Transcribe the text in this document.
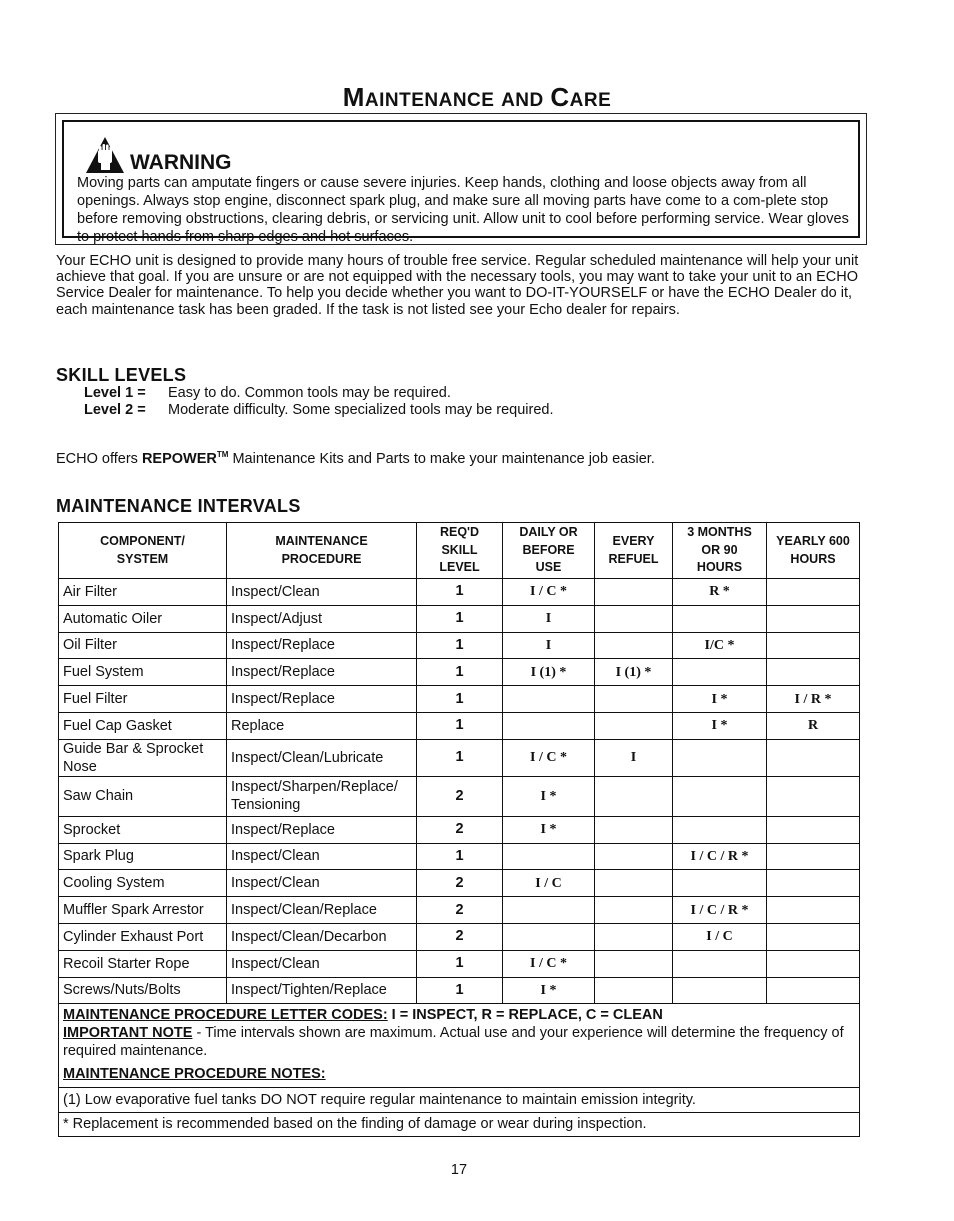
MAINTENANCE AND CARE
WARNING
Moving parts can amputate fingers or cause severe injuries. Keep hands, clothing and loose objects away from all openings. Always stop engine, disconnect spark plug, and make sure all moving parts have come to a com-plete stop before removing obstructions, clearing debris, or servicing unit. Allow unit to cool before performing service. Wear gloves to protect hands from sharp edges and hot surfaces.
Your ECHO unit is designed to provide many hours of trouble free service. Regular scheduled maintenance will help your unit achieve that goal. If you are unsure or are not equipped with the necessary tools, you may want to take your unit to an ECHO Service Dealer for maintenance. To help you decide whether you want to DO-IT-YOURSELF or have the ECHO Dealer do it, each maintenance task has been graded. If the task is not listed see your Echo dealer for repairs.
SKILL LEVELS
Level 1 = Easy to do. Common tools may be required.
Level 2 = Moderate difficulty. Some specialized tools may be required.
ECHO offers REPOWER™ Maintenance Kits and Parts to make your maintenance job easier.
MAINTENANCE INTERVALS
COMPONENT/ SYSTEM	MAINTENANCE PROCEDURE	REQ'D SKILL LEVEL	DAILY OR BEFORE USE	EVERY REFUEL	3 MONTHS OR 90 HOURS	YEARLY 600 HOURS
Air Filter	Inspect/Clean	1	I / C *		R *	
Automatic Oiler	Inspect/Adjust	1	I			
Oil Filter	Inspect/Replace	1	I		I/C *	
Fuel System	Inspect/Replace	1	I (1) *	I (1) *		
Fuel Filter	Inspect/Replace	1			I *	I / R *
Fuel Cap Gasket	Replace	1			I *	R
Guide Bar & Sprocket Nose	Inspect/Clean/Lubricate	1	I / C *	I		
Saw Chain	Inspect/Sharpen/Replace/ Tensioning	2	I *			
Sprocket	Inspect/Replace	2	I *			
Spark Plug	Inspect/Clean	1			I / C / R *	
Cooling System	Inspect/Clean	2	I / C			
Muffler Spark Arrestor	Inspect/Clean/Replace	2			I / C / R *	
Cylinder Exhaust Port	Inspect/Clean/Decarbon	2			I / C	
Recoil Starter Rope	Inspect/Clean	1	I / C *			
Screws/Nuts/Bolts	Inspect/Tighten/Replace	1	I *			

MAINTENANCE PROCEDURE LETTER CODES: I = INSPECT, R = REPLACE, C = CLEAN

IMPORTANT NOTE - Time intervals shown are maximum. Actual use and your experience will determine the frequency of required maintenance.

MAINTENANCE PROCEDURE NOTES:

(1) Low evaporative fuel tanks DO NOT require regular maintenance to maintain emission integrity.

* Replacement is recommended based on the finding of damage or wear during inspection.						

17
